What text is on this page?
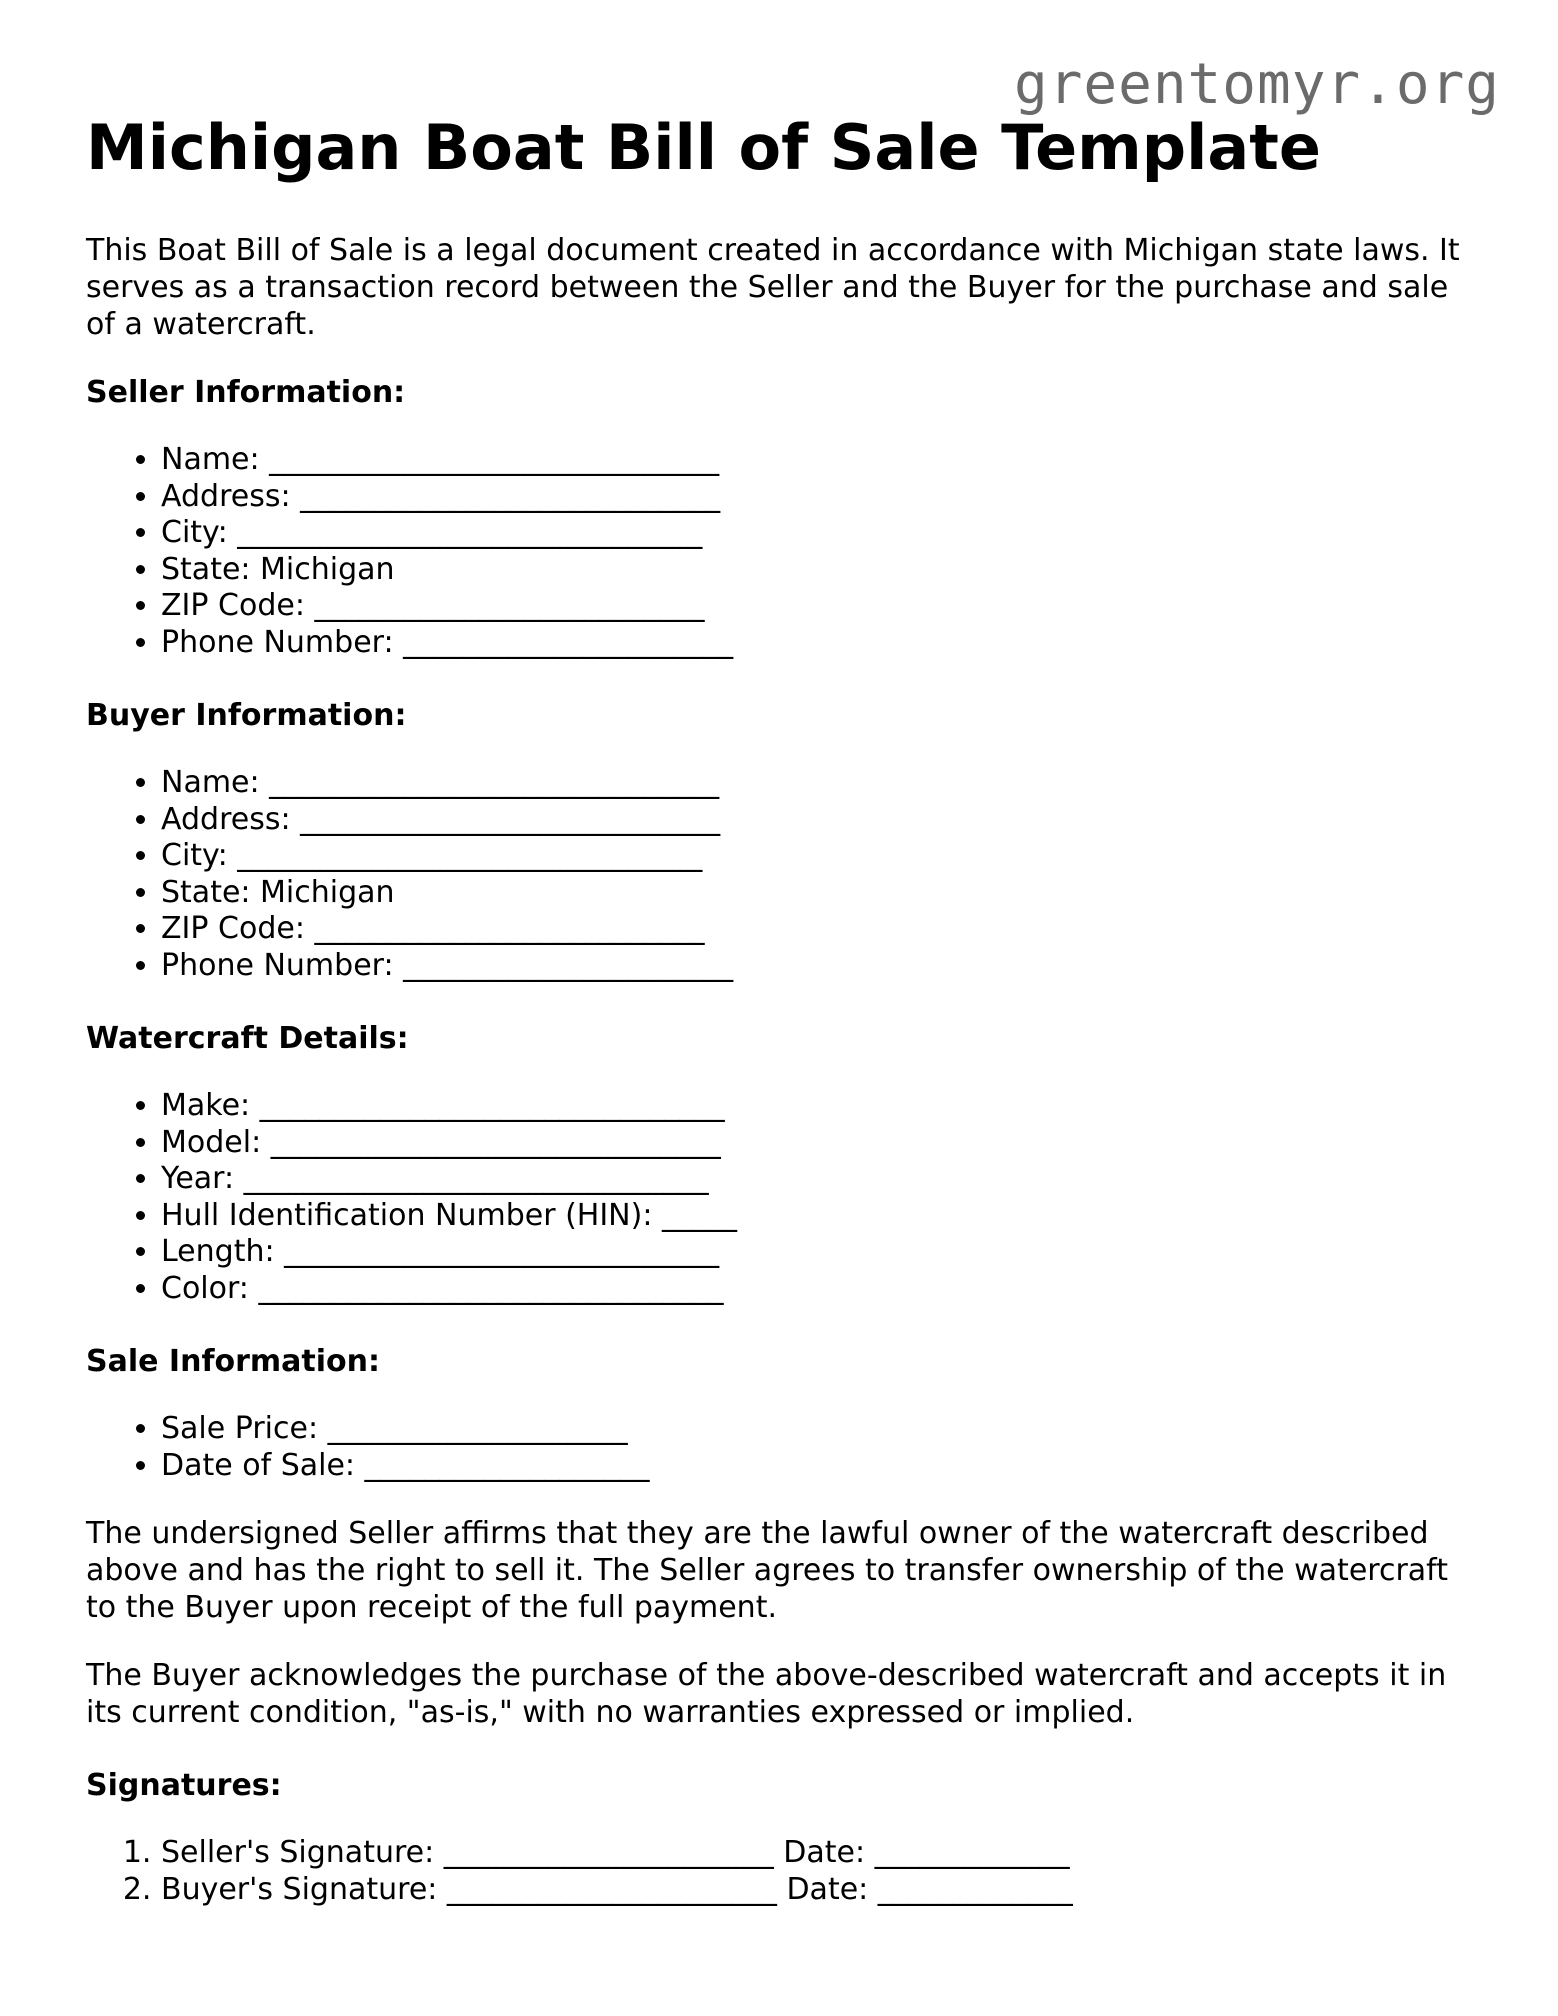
greentomyr.org
Michigan Boat Bill of Sale Template

This Boat Bill of Sale is a legal document created in accordance with Michigan state laws. It serves as a transaction record between the Seller and the Buyer for the purchase and sale of a watercraft.

Seller Information:
• Name: ______________________________
• Address: ____________________________
• City: _______________________________
• State: Michigan
• ZIP Code: __________________________
• Phone Number: ______________________
Buyer Information:
• Name: ______________________________
• Address: ____________________________
• City: _______________________________
• State: Michigan
• ZIP Code: __________________________
• Phone Number: ______________________
Watercraft Details:
• Make: _______________________________
• Model: ______________________________
• Year: _______________________________
• Hull Identification Number (HIN): _____
• Length: _____________________________
• Color: _______________________________
Sale Information:
• Sale Price: ____________________
• Date of Sale: ___________________

The undersigned Seller affirms that they are the lawful owner of the watercraft described above and has the right to sell it. The Seller agrees to transfer ownership of the watercraft to the Buyer upon receipt of the full payment.

The Buyer acknowledges the purchase of the above-described watercraft and accepts it in its current condition, "as-is," with no warranties expressed or implied.

Signatures:
1. Seller's Signature: ______________________ Date: _____________
2. Buyer's Signature: ______________________ Date: _____________
